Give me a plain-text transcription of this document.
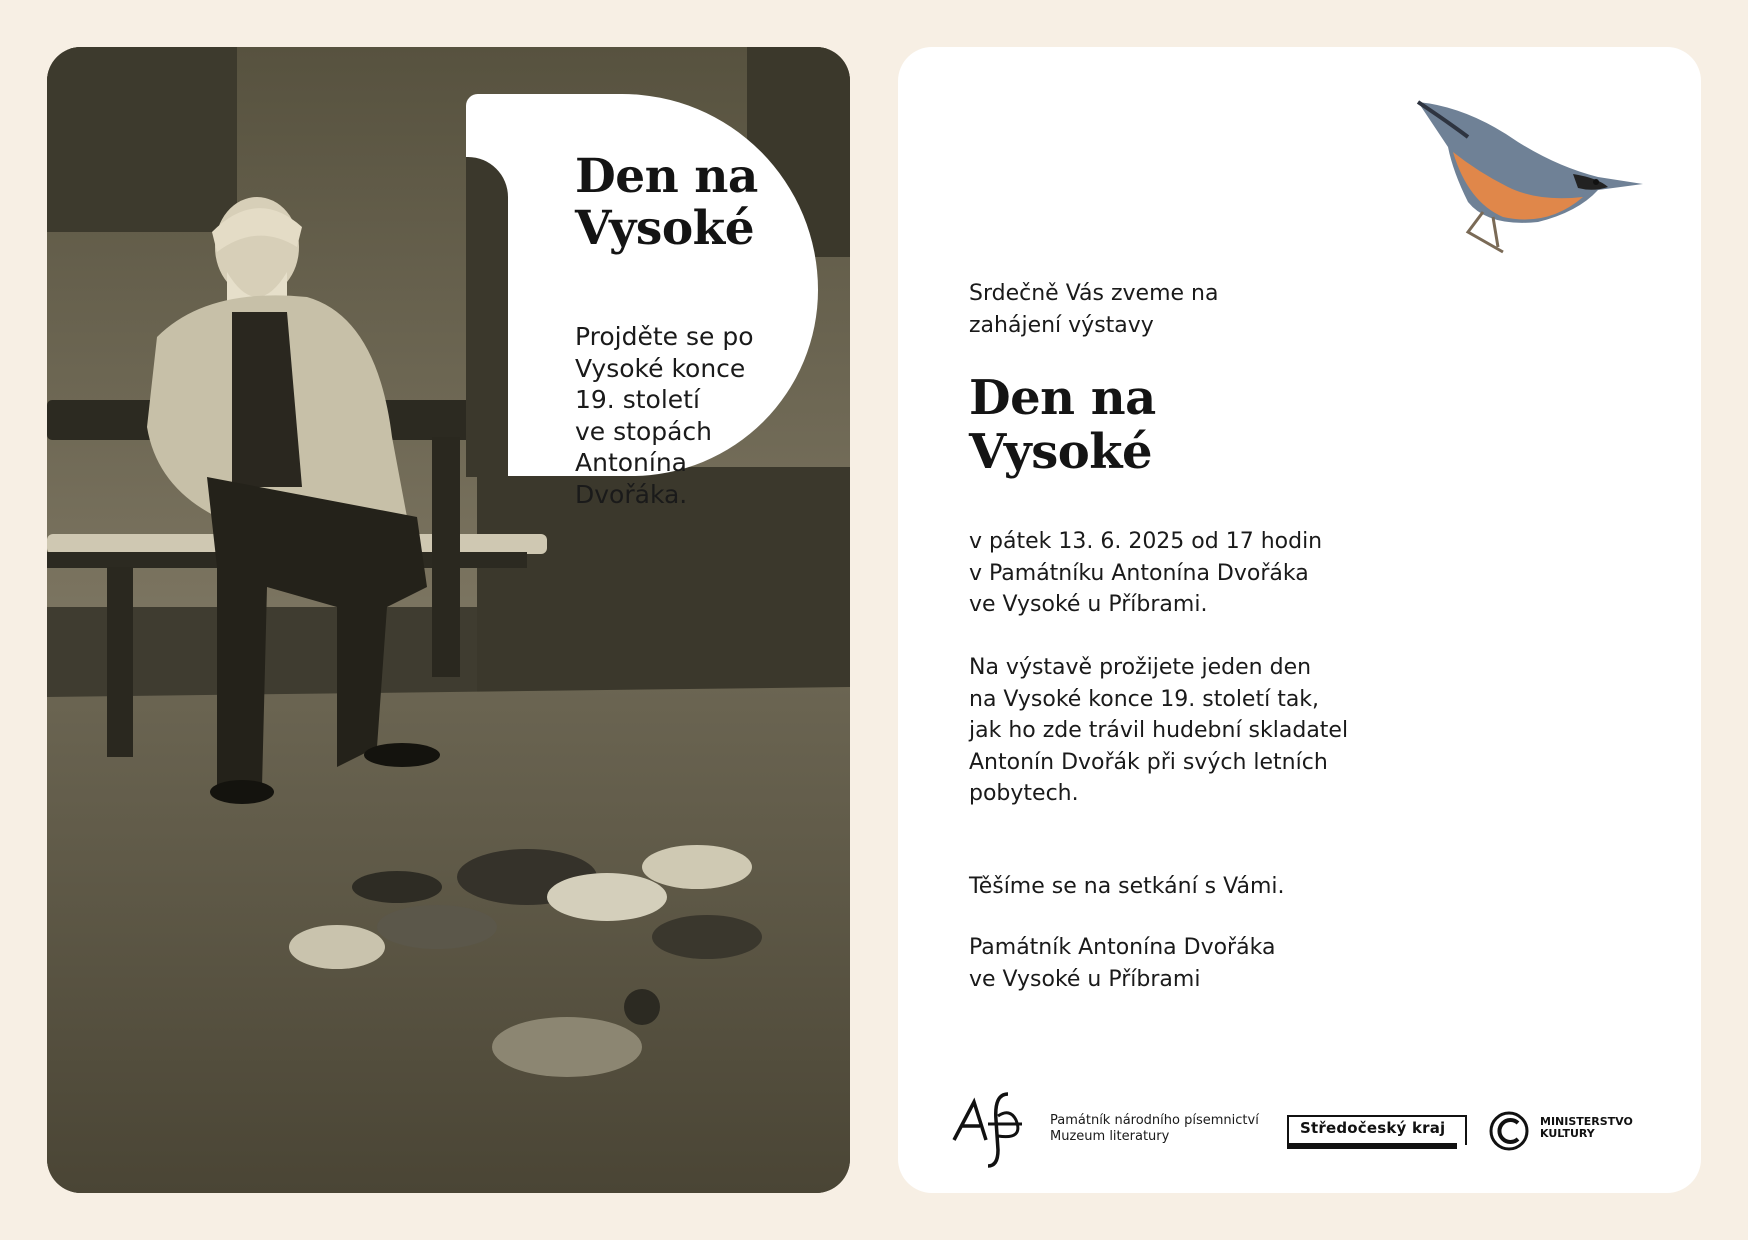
Den na
Vysoké
Projděte se po
Vysoké konce
19. století
ve stopách
Antonína
Dvořáka.
Srdečně Vás zveme na
zahájení výstavy
Den na
Vysoké
v pátek 13. 6. 2025 od 17 hodin
v Památníku Antonína Dvořáka
ve Vysoké u Příbrami.
Na výstavě prožijete jeden den
na Vysoké konce 19. století tak,
jak ho zde trávil hudební skladatel
Antonín Dvořák při svých letních
pobytech.
Těšíme se na setkání s Vámi.
Památník Antonína Dvořáka
ve Vysoké u Příbrami
Památník národního písemnictví
Muzeum literatury	Středočeský kraj	MINISTERSTVO
KULTURY
